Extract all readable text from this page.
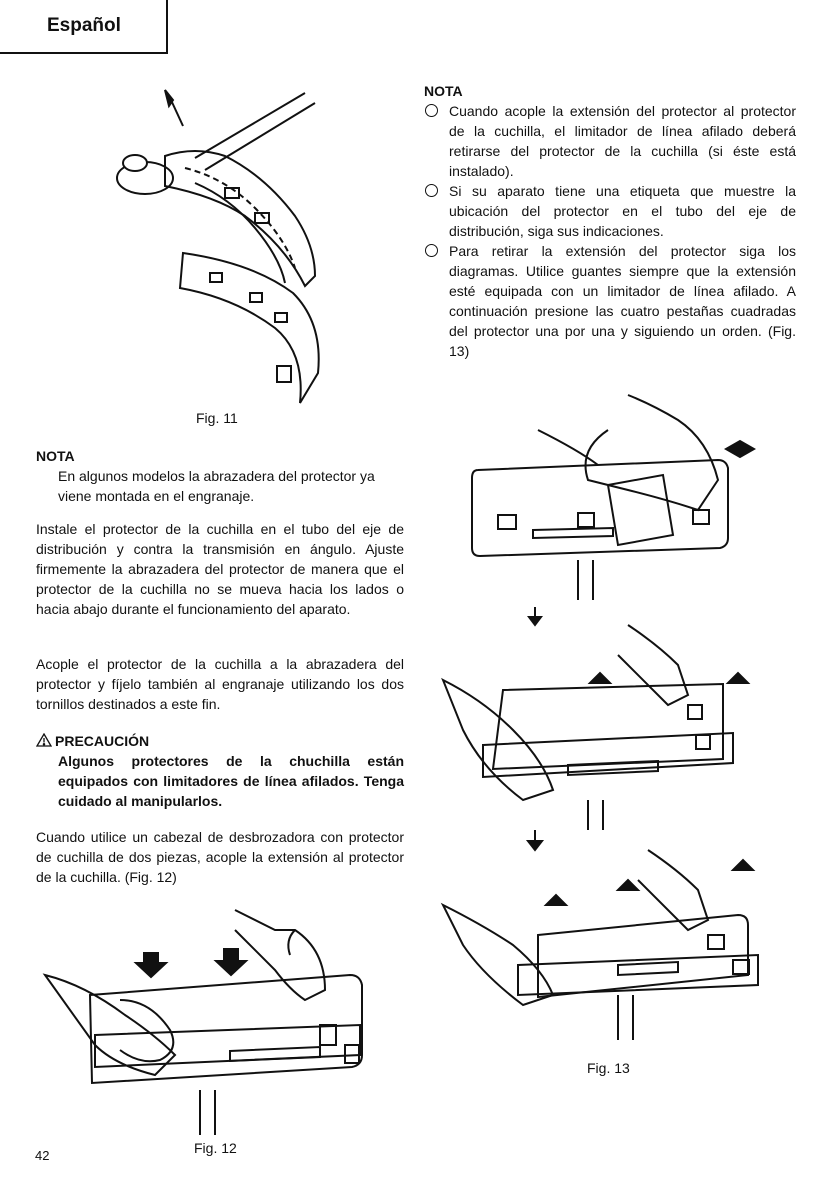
Español
Fig. 11
NOTA
En algunos modelos la abrazadera del protector ya viene montada en el engranaje.
Instale el protector de la cuchilla en el tubo del eje de distribución y contra la transmisión en ángulo. Ajuste firmemente la abrazadera del protector de manera que el protector de la cuchilla no se mueva hacia los lados o hacia abajo durante el funcionamiento del aparato.
Acople el protector de la cuchilla a la abrazadera del protector y fíjelo también al engranaje utilizando los dos tornillos destinados a este fin.
PRECAUCIÓN
Algunos protectores de la chuchilla están equipados con limitadores de línea afilados. Tenga cuidado al manipularlos.
Cuando utilice un cabezal de desbrozadora con protector de cuchilla de dos piezas, acople la extensión al protector de la cuchilla. (Fig. 12)
Fig. 12
NOTA
Cuando acople la extensión del protector al protector de la cuchilla, el limitador de línea afilado deberá retirarse del protector de la cuchilla (si éste está instalado).
Si su aparato tiene una etiqueta que muestre la ubicación del protector en el tubo del eje de distribución, siga sus indicaciones.
Para retirar la extensión del protector siga los diagramas. Utilice guantes siempre que la extensión esté equipada con un limitador de línea afilado. A continuación presione las cuatro pestañas cuadradas del protector una por una y siguiendo un orden. (Fig. 13)
Fig. 13
42
